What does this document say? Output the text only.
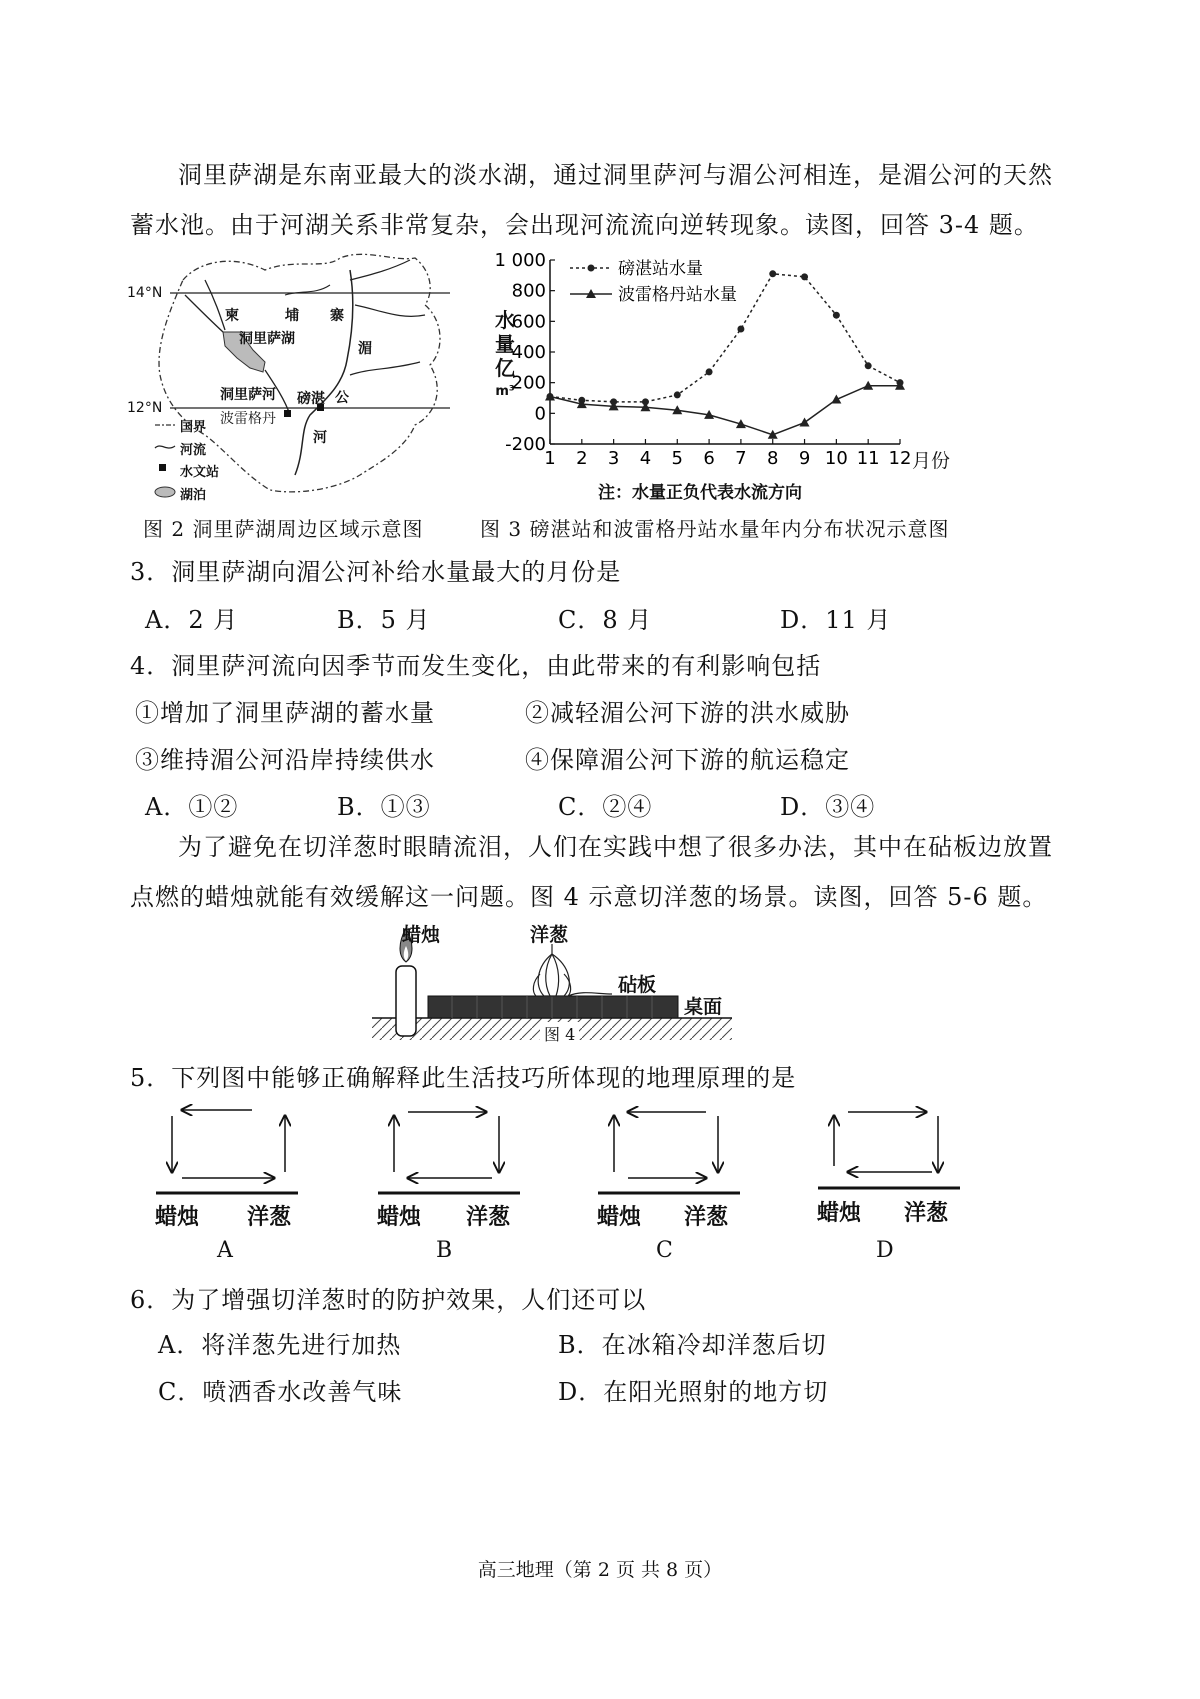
洞里萨湖是东南亚最大的淡水湖，通过洞里萨河与湄公河相连，是湄公河的天然蓄水池。由于河湖关系非常复杂，会出现河流流向逆转现象。读图，回答 3-4 题。
14°N
12°N
柬	埔 寨
洞里萨湖
洞里萨河 磅湛
波雷格丹
湄
公
河
国界
河流
水文站
湖泊
1 000
800
600
400
200
0
-200
1 2 3 4 5 6 7 8 9 10 11 12
磅湛站水量
波雷格丹站水量
水
量
亿
m³
月份
注：水量正负代表水流方向
图 2 洞里萨湖周边区域示意图	图 3 磅湛站和波雷格丹站水量年内分布状况示意图
3．洞里萨湖向湄公河补给水量最大的月份是
A．2 月	B．5 月	C．8 月	D．11 月
4．洞里萨河流向因季节而发生变化，由此带来的有利影响包括
①增加了洞里萨湖的蓄水量	②减轻湄公河下游的洪水威胁
③维持湄公河沿岸持续供水	④保障湄公河下游的航运稳定
A．①②	B．①③	C．②④	D．③④
为了避免在切洋葱时眼睛流泪，人们在实践中想了很多办法，其中在砧板边放置点燃的蜡烛就能有效缓解这一问题。图 4 示意切洋葱的场景。读图，回答 5-6 题。
蜡烛	洋葱
砧板
桌面
图 4
5．下列图中能够正确解释此生活技巧所体现的地理原理的是
蜡烛 洋葱
A
蜡烛 洋葱
B
蜡烛 洋葱
C
蜡烛 洋葱
D
6．为了增强切洋葱时的防护效果，人们还可以
A．将洋葱先进行加热	B．在冰箱冷却洋葱后切
C．喷洒香水改善气味	D．在阳光照射的地方切
高三地理（第 2 页 共 8 页）
